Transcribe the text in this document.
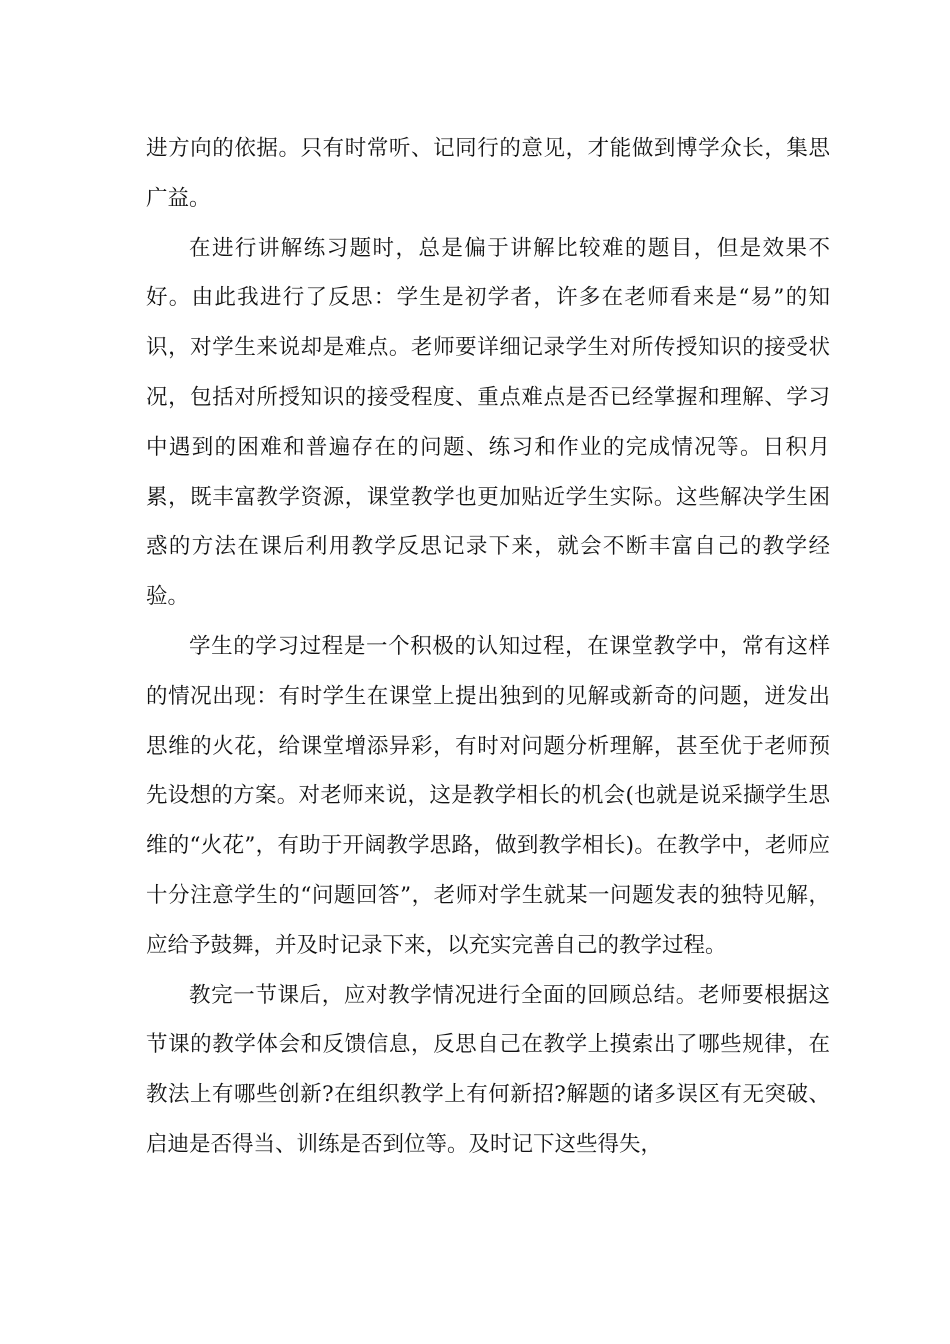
进方向的依据。只有时常听、记同行的意见，才能做到博学众长，集思广益。

在进行讲解练习题时，总是偏于讲解比较难的题目，但是效果不好。由此我进行了反思：学生是初学者，许多在老师看来是“易”的知识，对学生来说却是难点。老师要详细记录学生对所传授知识的接受状况，包括对所授知识的接受程度、重点难点是否已经掌握和理解、学习中遇到的困难和普遍存在的问题、练习和作业的完成情况等。日积月累，既丰富教学资源，课堂教学也更加贴近学生实际。这些解决学生困惑的方法在课后利用教学反思记录下来，就会不断丰富自己的教学经验。

学生的学习过程是一个积极的认知过程，在课堂教学中，常有这样的情况出现：有时学生在课堂上提出独到的见解或新奇的问题，迸发出思维的火花，给课堂增添异彩，有时对问题分析理解，甚至优于老师预先设想的方案。对老师来说，这是教学相长的机会(也就是说采撷学生思维的“火花”，有助于开阔教学思路，做到教学相长)。在教学中，老师应十分注意学生的“问题回答”，老师对学生就某一问题发表的独特见解，应给予鼓舞，并及时记录下来，以充实完善自己的教学过程。

教完一节课后，应对教学情况进行全面的回顾总结。老师要根据这节课的教学体会和反馈信息，反思自己在教学上摸索出了哪些规律，在教法上有哪些创新?在组织教学上有何新招?解题的诸多误区有无突破、启迪是否得当、训练是否到位等。及时记下这些得失，
